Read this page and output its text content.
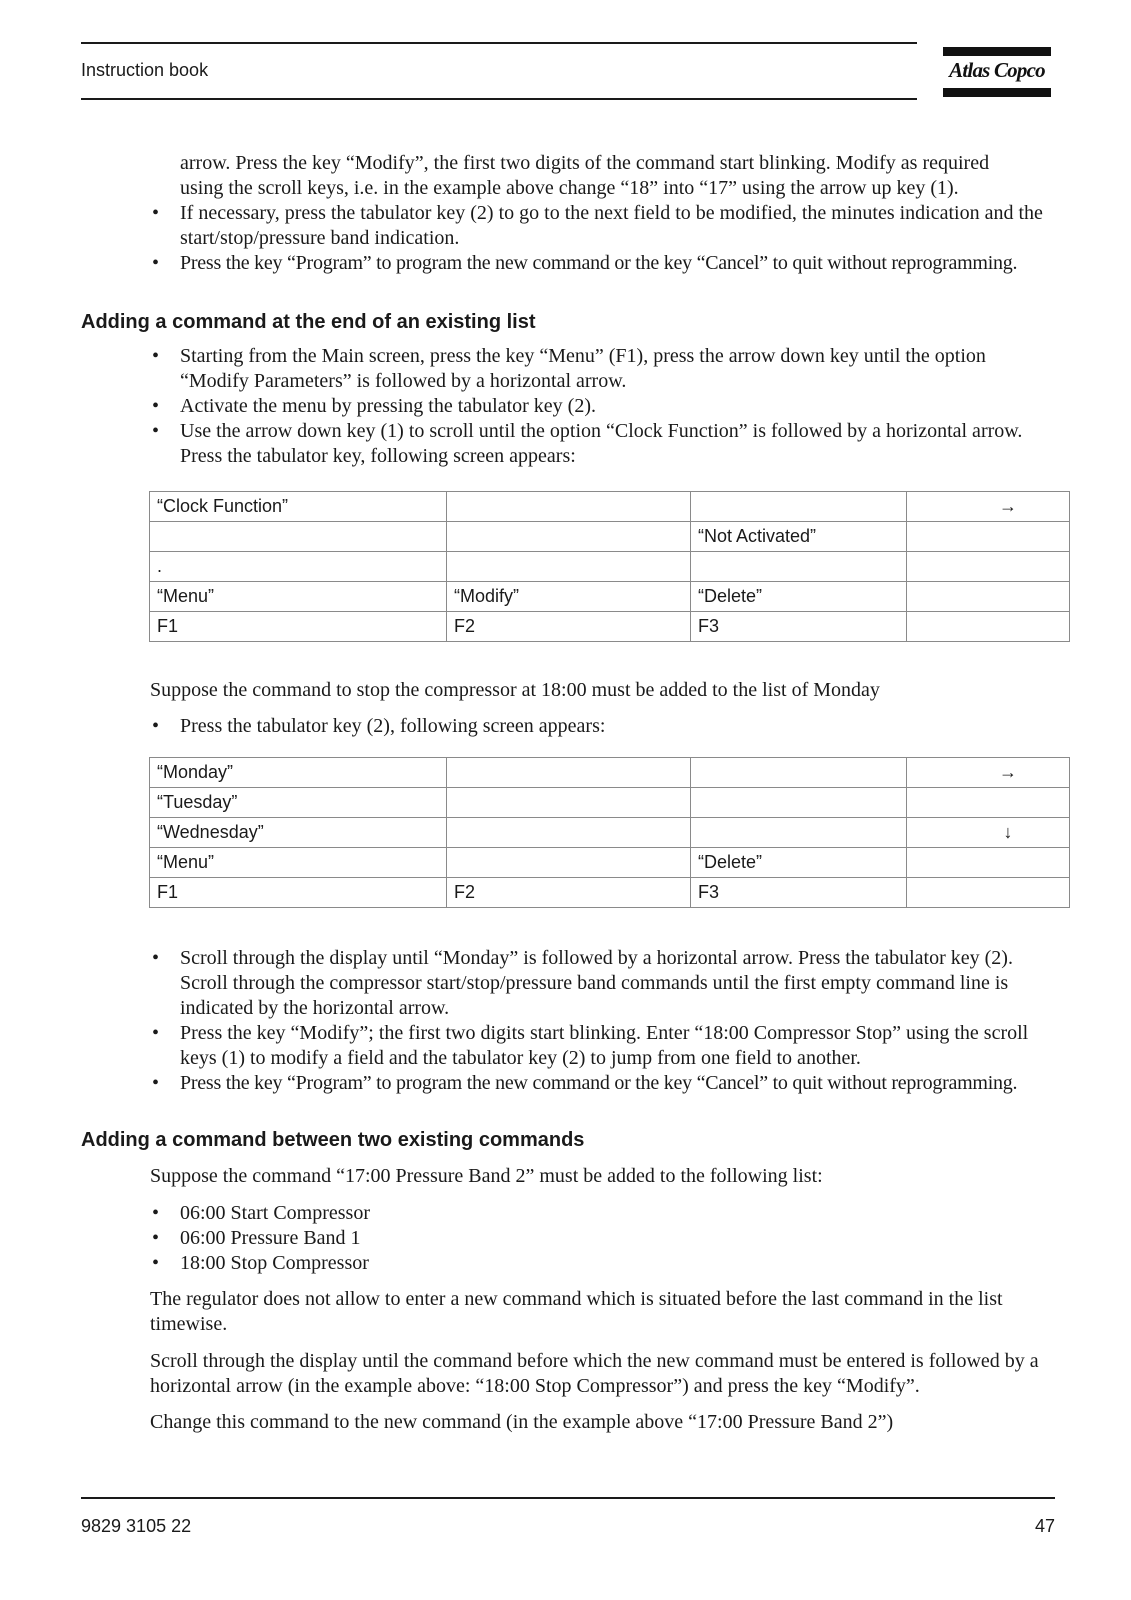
Instruction book	Atlas Copco
arrow. Press the key “Modify”, the first two digits of the command start blinking. Modify as required
using the scroll keys, i.e. in the example above change “18” into “17” using the arrow up key (1).
• If necessary, press the tabulator key (2) to go to the next field to be modified, the minutes indication and the start/stop/pressure band indication.
• Press the key “Program” to program the new command or the key “Cancel” to quit without reprogramming.
Adding a command at the end of an existing list
• Starting from the Main screen, press the key “Menu” (F1), press the arrow down key until the option “Modify Parameters” is followed by a horizontal arrow.
• Activate the menu by pressing the tabulator key (2).
• Use the arrow down key (1) to scroll until the option “Clock Function” is followed by a horizontal arrow. Press the tabulator key, following screen appears:
“Clock Function”			→
		“Not Activated”	
.			
“Menu”	“Modify”	“Delete”	
F1	F2	F3	
Suppose the command to stop the compressor at 18:00 must be added to the list of Monday
• Press the tabulator key (2), following screen appears:
“Monday”			→
“Tuesday”			
“Wednesday”			↓
“Menu”		“Delete”	
F1	F2	F3	
• Scroll through the display until “Monday” is followed by a horizontal arrow. Press the tabulator key (2). Scroll through the compressor start/stop/pressure band commands until the first empty command line is indicated by the horizontal arrow.
• Press the key “Modify”; the first two digits start blinking. Enter “18:00 Compressor Stop” using the scroll keys (1) to modify a field and the tabulator key (2) to jump from one field to another.
• Press the key “Program” to program the new command or the key “Cancel” to quit without reprogramming.
Adding a command between two existing commands
Suppose the command “17:00 Pressure Band 2” must be added to the following list:
• 06:00 Start Compressor
• 06:00 Pressure Band 1
• 18:00 Stop Compressor
The regulator does not allow to enter a new command which is situated before the last command in the list timewise.
Scroll through the display until the command before which the new command must be entered is followed by a horizontal arrow (in the example above: “18:00 Stop Compressor”) and press the key “Modify”.
Change this command to the new command (in the example above “17:00 Pressure Band 2”)
9829 3105 22	47
